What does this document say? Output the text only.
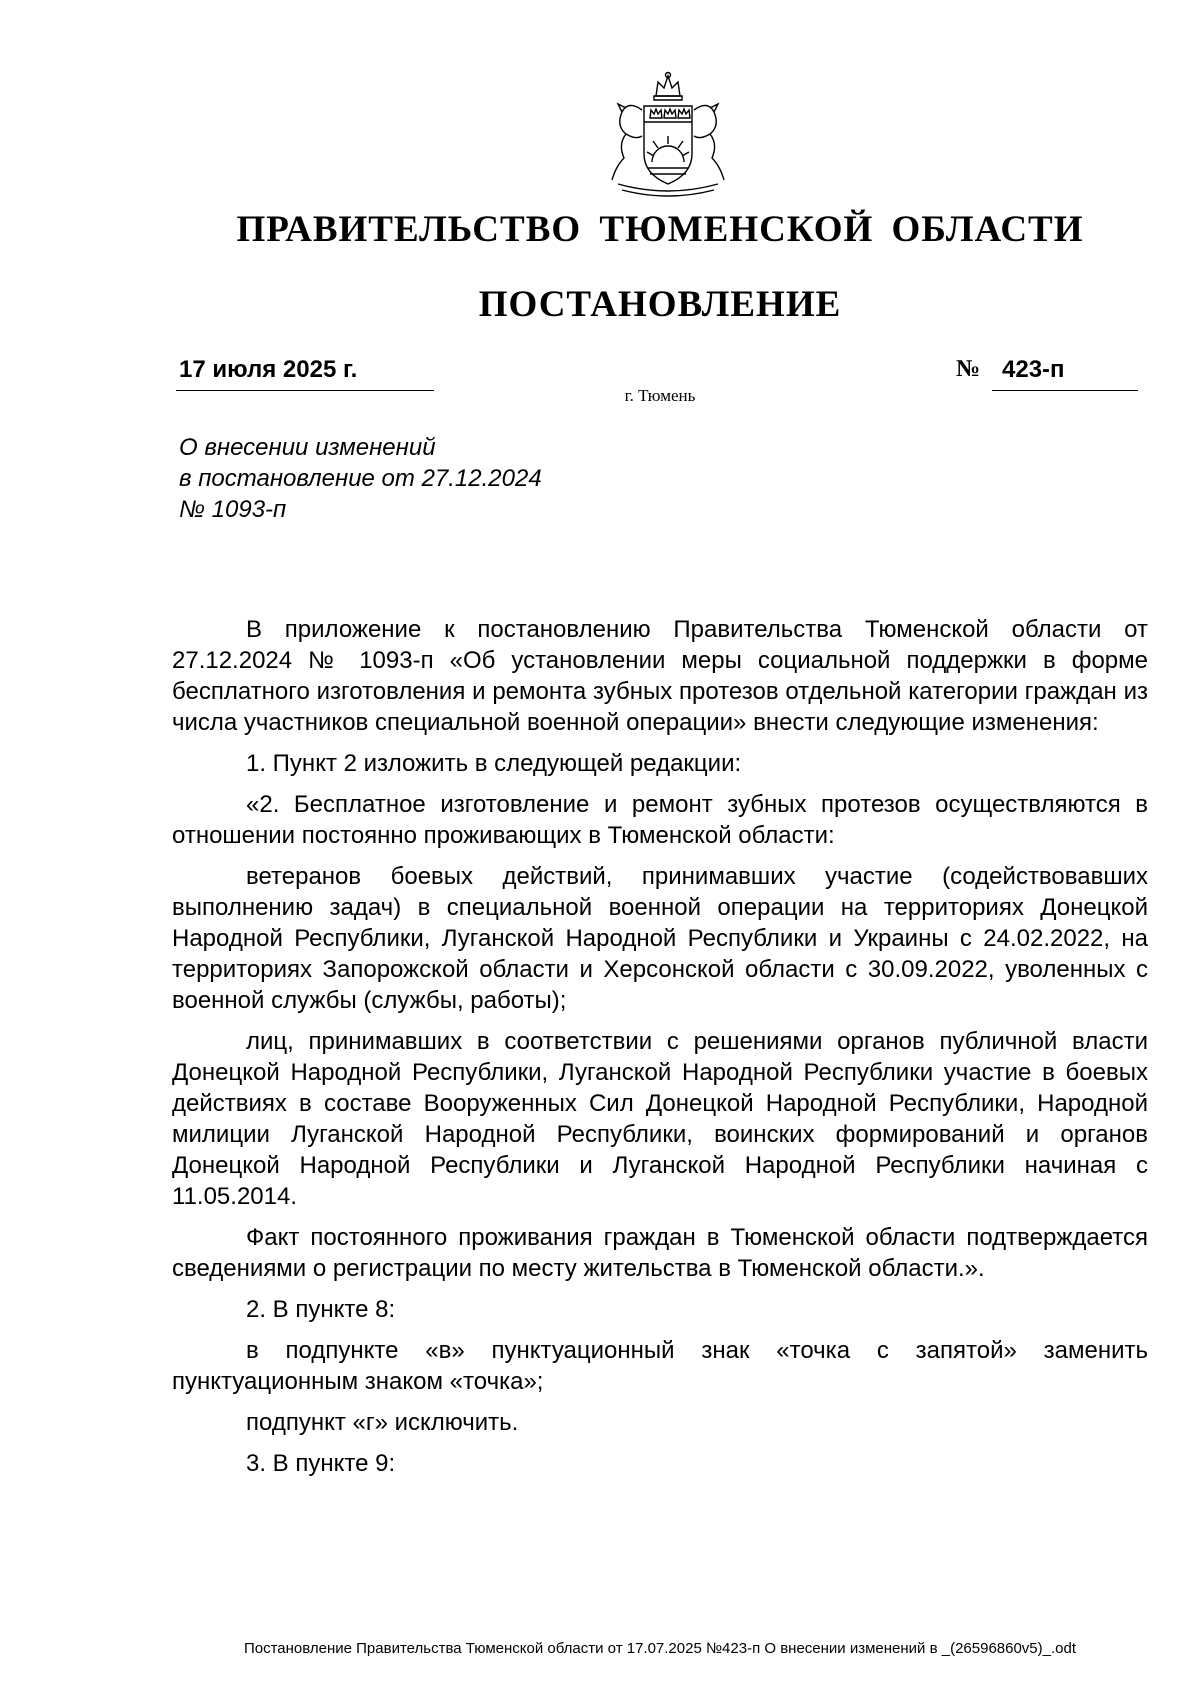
ПРАВИТЕЛЬСТВО ТЮМЕНСКОЙ ОБЛАСТИ
ПОСТАНОВЛЕНИЕ
17 июля 2025 г.	№ 423-п
г. Тюмень
О внесении изменений
в постановление от 27.12.2024
№ 1093-п

В приложение к постановлению Правительства Тюменской области от 27.12.2024 № 1093-п «Об установлении меры социальной поддержки в форме бесплатного изготовления и ремонта зубных протезов отдельной категории граждан из числа участников специальной военной операции» внести следующие изменения:

1. Пункт 2 изложить в следующей редакции:

«2. Бесплатное изготовление и ремонт зубных протезов осуществляются в отношении постоянно проживающих в Тюменской области:

ветеранов боевых действий, принимавших участие (содействовавших выполнению задач) в специальной военной операции на территориях Донецкой Народной Республики, Луганской Народной Республики и Украины с 24.02.2022, на территориях Запорожской области и Херсонской области с 30.09.2022, уволенных с военной службы (службы, работы);

лиц, принимавших в соответствии с решениями органов публичной власти Донецкой Народной Республики, Луганской Народной Республики участие в боевых действиях в составе Вооруженных Сил Донецкой Народной Республики, Народной милиции Луганской Народной Республики, воинских формирований и органов Донецкой Народной Республики и Луганской Народной Республики начиная с 11.05.2014.

Факт постоянного проживания граждан в Тюменской области подтверждается сведениями о регистрации по месту жительства в Тюменской области.».

2. В пункте 8:

в подпункте «в» пунктуационный знак «точка с запятой» заменить пунктуационным знаком «точка»;

подпункт «г» исключить.

3. В пункте 9:

Постановление Правительства Тюменской области от 17.07.2025 №423-п О внесении изменений в _(26596860v5)_.odt
